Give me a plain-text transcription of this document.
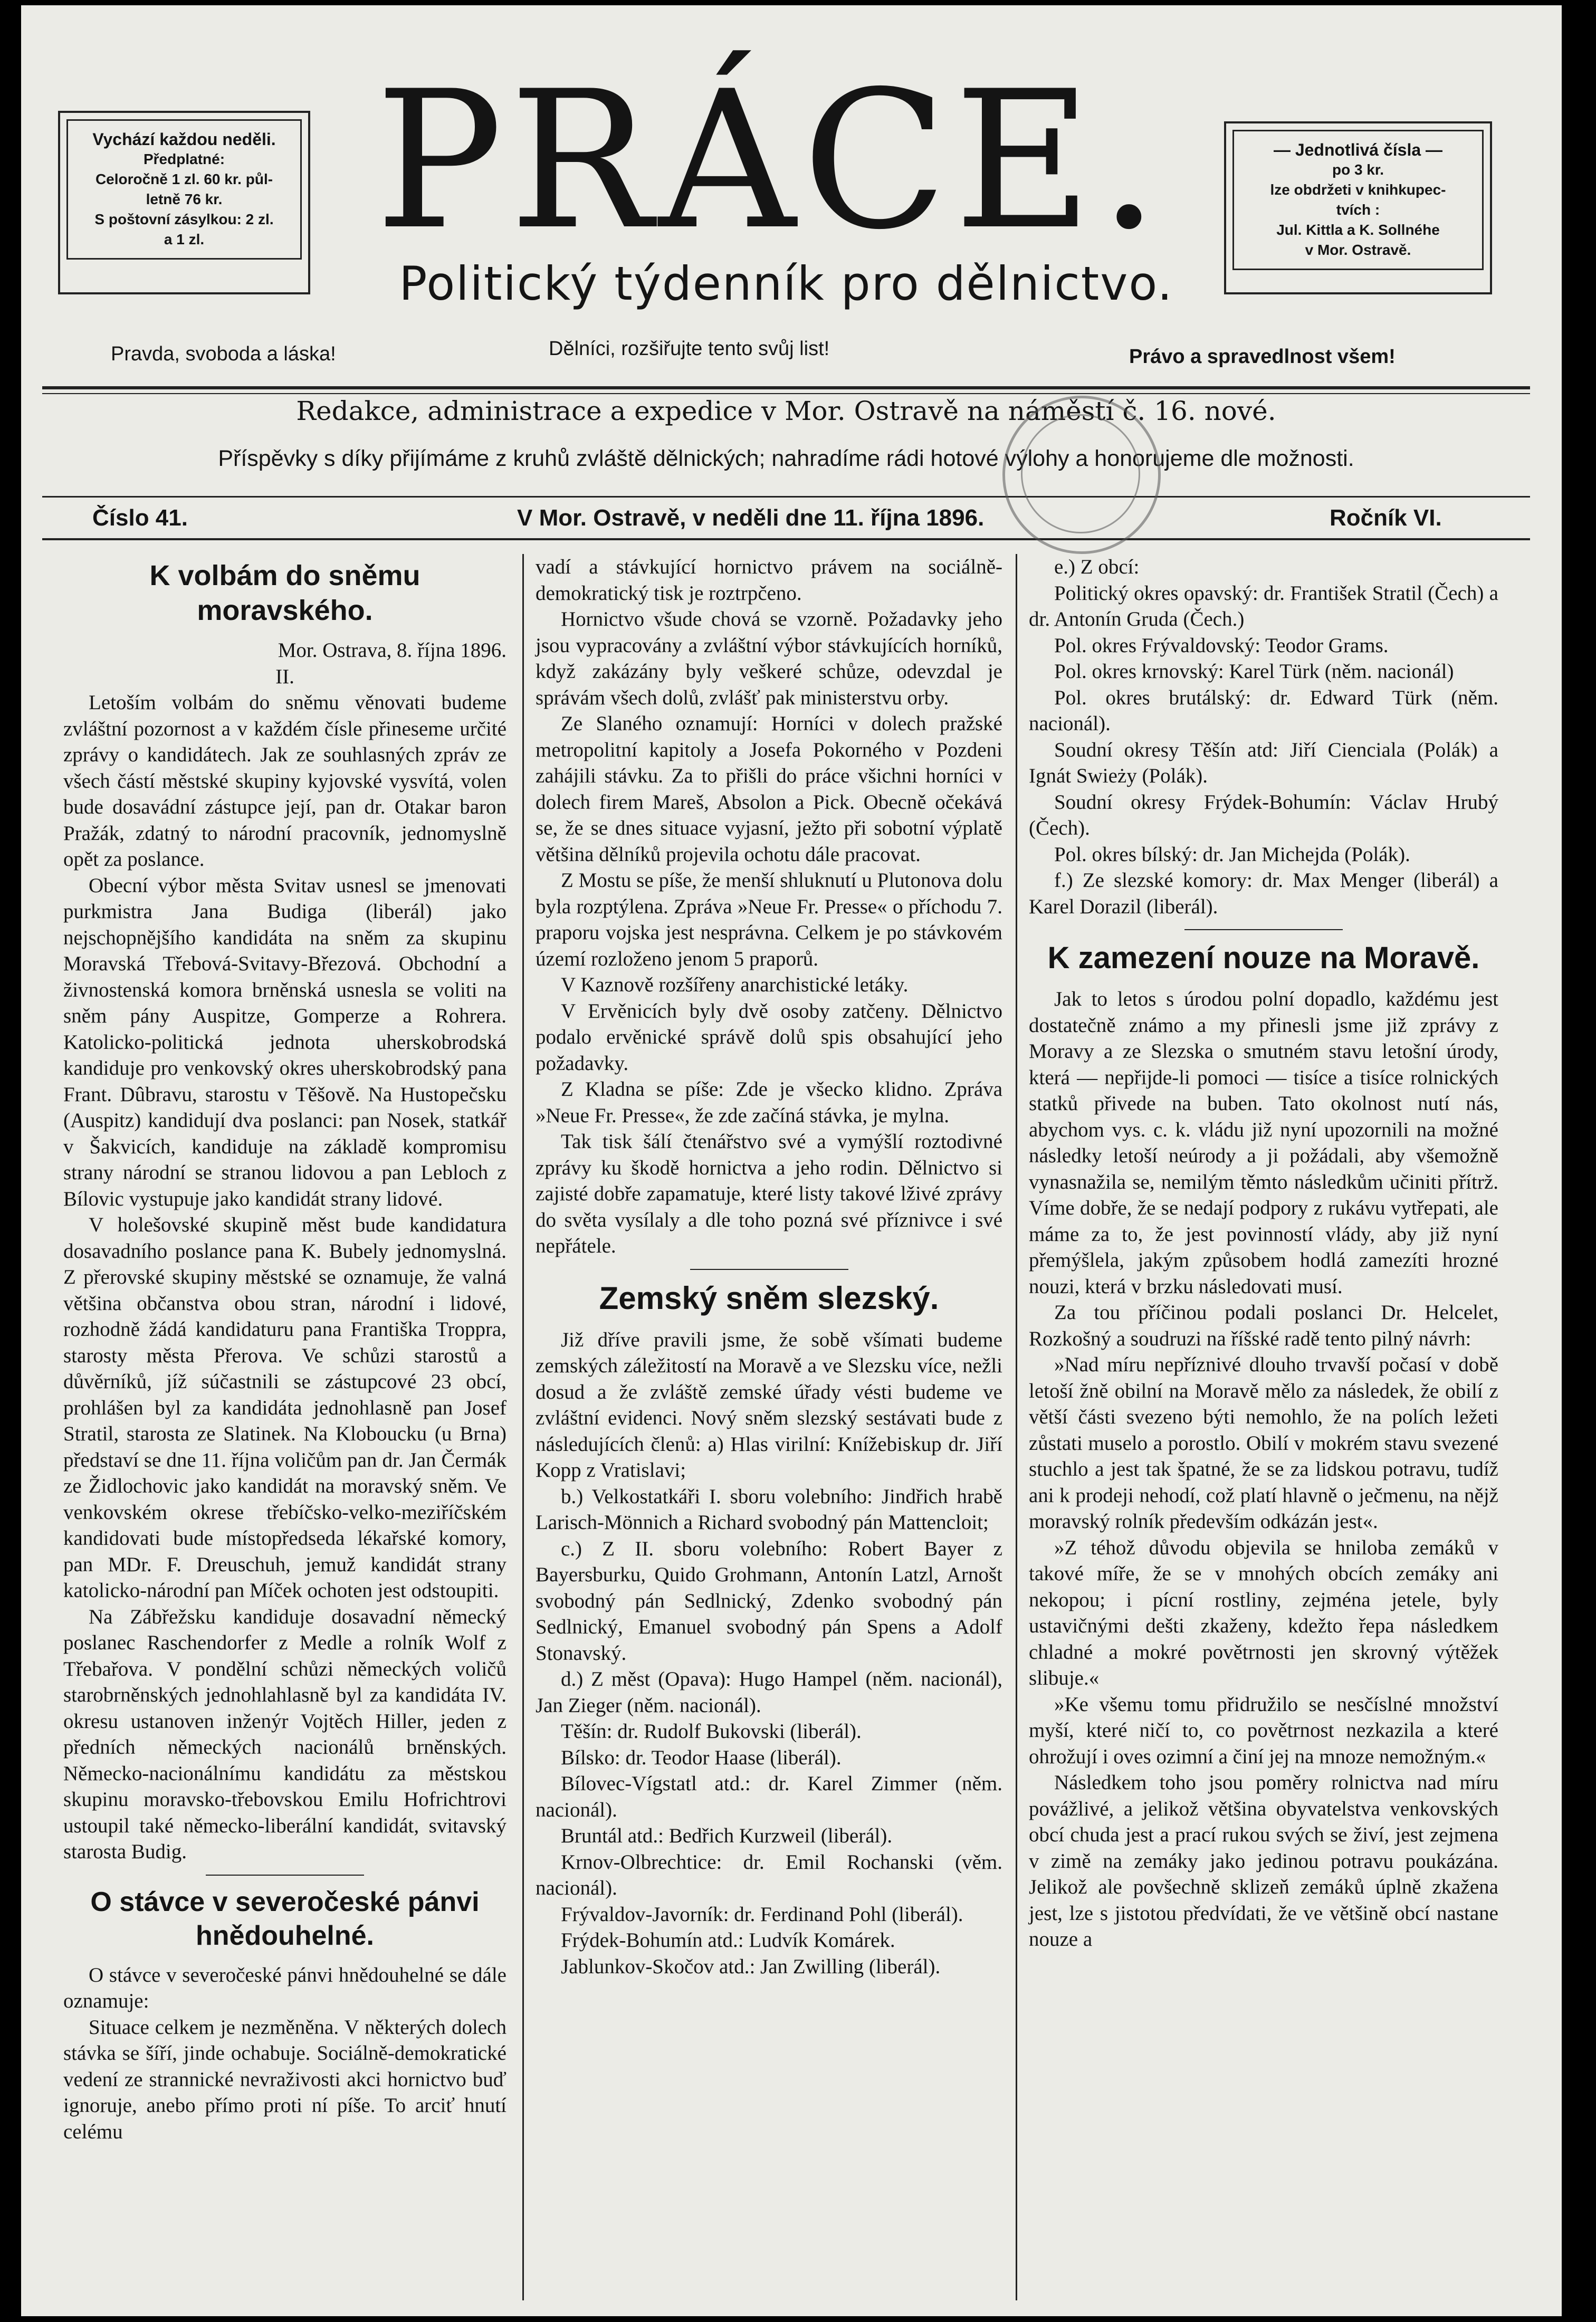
Vychází každou neděli.
Předplatné:
Celoročně 1 zl. 60 kr. půl-
letně 76 kr.
S poštovní zásylkou: 2 zl.
a 1 zl. PRÁCE.
Politický týdenník pro dělnictvo.
— Jednotlivá čísla —
po 3 kr.
lze obdržeti v knihkupec-
tvích :
Jul. Kittla a K. Sollnéhe
v Mor. Ostravě.
Pravda, svoboda a láska!	Dělníci, rozšiřujte tento svůj list!	Právo a spravedlnost všem!
Redakce, administrace a expedice v Mor. Ostravě na náměstí č. 16. nové.
Příspěvky s díky přijímáme z kruhů zvláště dělnických; nahradíme rádi hotové výlohy a honorujeme dle možnosti.
Číslo 41.	V Mor. Ostravě, v neděli dne 11. října 1896.	Ročník VI.
K volbám do sněmu moravského.

Mor. Ostrava, 8. října 1896.

II.

Letoším volbám do sněmu věnovati budeme zvláštní pozornost a v každém čísle přineseme určité zprávy o kandidátech. Jak ze souhlasných zpráv ze všech částí městské skupiny kyjovské vysvítá, volen bude dosavádní zástupce její, pan dr. Otakar baron Pražák, zdatný to národní pracovník, jednomyslně opět za poslance.

Obecní výbor města Svitav usnesl se jmenovati purkmistra Jana Budiga (liberál) jako nejschopnějšího kandidáta na sněm za skupinu Moravská Třebová-Svitavy-Březová. Obchodní a živnostenská komora brněnská usnesla se voliti na sněm pány Auspitze, Gomperze a Rohrera. Katolicko-politická jednota uherskobrodská kandiduje pro venkovský okres uherskobrodský pana Frant. Dûbravu, starostu v Těšově. Na Hustopečsku (Auspitz) kandidují dva poslanci: pan Nosek, statkář v Šakvicích, kandiduje na základě kompromisu strany národní se stranou lidovou a pan Lebloch z Bílovic vystupuje jako kandidát strany lidové.

V holešovské skupině měst bude kandidatura dosavadního poslance pana K. Bubely jednomyslná. Z přerovské skupiny městské se oznamuje, že valná většina občanstva obou stran, národní i lidové, rozhodně žádá kandidaturu pana Františka Troppra, starosty města Přerova. Ve schůzi starostů a důvěrníků, jíž súčastnili se zástupcové 23 obcí, prohlášen byl za kandidáta jednohlasně pan Josef Stratil, starosta ze Slatinek. Na Kloboucku (u Brna) představí se dne 11. října voličům pan dr. Jan Čermák ze Židlochovic jako kandidát na moravský sněm. Ve venkovském okrese třebíčsko-velko-meziříčském kandidovati bude místopředseda lékařské komory, pan MDr. F. Dreuschuh, jemuž kandidát strany katolicko-národní pan Míček ochoten jest odstoupiti.

Na Zábřežsku kandiduje dosavadní německý poslanec Raschendorfer z Medle a rolník Wolf z Třebařova. V pondělní schůzi německých voličů starobrněnských jednohlahlasně byl za kandidáta IV. okresu ustanoven inženýr Vojtěch Hiller, jeden z předních německých nacionálů brněnských. Německo-nacionálnímu kandidátu za městskou skupinu moravsko-třebovskou Emilu Hofrichtrovi ustoupil také německo-liberální kandidát, svitavský starosta Budig.

O stávce v severočeské pánvi hnědouhelné.

O stávce v severočeské pánvi hnědouhelné se dále oznamuje:

Situace celkem je nezměněna. V některých dolech stávka se šíří, jinde ochabuje. Sociálně-demokratické vedení ze strannické nevraživosti akci hornictvo buď ignoruje, anebo přímo proti ní píše. To arciť hnutí celému

vadí a stávkující hornictvo právem na sociálně-demokratický tisk je roztrpčeno.

Hornictvo všude chová se vzorně. Požadavky jeho jsou vypracovány a zvláštní výbor stávkujících horníků, když zakázány byly veškeré schůze, odevzdal je správám všech dolů, zvlášť pak ministerstvu orby.

Ze Slaného oznamují: Horníci v dolech pražské metropolitní kapitoly a Josefa Pokorného v Pozdeni zahájili stávku. Za to přišli do práce všichni horníci v dolech firem Mareš, Absolon a Pick. Obecně očekává se, že se dnes situace vyjasní, ježto při sobotní výplatě většina dělníků projevila ochotu dále pracovat.

Z Mostu se píše, že menší shluknutí u Plutonova dolu byla rozptýlena. Zpráva »Neue Fr. Presse« o příchodu 7. praporu vojska jest nesprávna. Celkem je po stávkovém území rozloženo jenom 5 praporů.

V Kaznově rozšířeny anarchistické letáky.

V Ervěnicích byly dvě osoby zatčeny. Dělnictvo podalo ervěnické správě dolů spis obsahující jeho požadavky.

Z Kladna se píše: Zde je všecko klidno. Zpráva »Neue Fr. Presse«, že zde začíná stávka, je mylna.

Tak tisk šálí čtenářstvo své a vymýšlí roztodivné zprávy ku škodě hornictva a jeho rodin. Dělnictvo si zajisté dobře zapamatuje, které listy takové lživé zprávy do světa vysílaly a dle toho pozná své příznivce i své nepřátele.

Zemský sněm slezský.

Již dříve pravili jsme, že sobě všímati budeme zemských záležitostí na Moravě a ve Slezsku více, nežli dosud a že zvláště zemské úřady vésti budeme ve zvláštní evidenci. Nový sněm slezský sestávati bude z následujících členů: a) Hlas virilní: Knížebiskup dr. Jiří Kopp z Vratislavi;

b.) Velkostatkáři I. sboru volebního: Jindřich hrabě Larisch-Mönnich a Richard svobodný pán Mattencloit;

c.) Z II. sboru volebního: Robert Bayer z Bayersburku, Quido Grohmann, Antonín Latzl, Arnošt svobodný pán Sedlnický, Zdenko svobodný pán Sedlnický, Emanuel svobodný pán Spens a Adolf Stonavský.

d.) Z měst (Opava): Hugo Hampel (něm. nacionál), Jan Zieger (něm. nacionál).

Těšín: dr. Rudolf Bukovski (liberál).

Bílsko: dr. Teodor Haase (liberál).

Bílovec-Vígstatl atd.: dr. Karel Zimmer (něm. nacionál).

Bruntál atd.: Bedřich Kurzweil (liberál).

Krnov-Olbrechtice: dr. Emil Rochanski (věm. nacionál).

Frývaldov-Javorník: dr. Ferdinand Pohl (liberál).

Frýdek-Bohumín atd.: Ludvík Komárek.

Jablunkov-Skočov atd.: Jan Zwilling (liberál).

e.) Z obcí:

Politický okres opavský: dr. František Stratil (Čech) a dr. Antonín Gruda (Čech.)

Pol. okres Frývaldovský: Teodor Grams.

Pol. okres krnovský: Karel Türk (něm. nacionál)

Pol. okres brutálský: dr. Edward Türk (něm. nacionál).

Soudní okresy Těšín atd: Jiří Cienciala (Polák) a Ignát Swieży (Polák).

Soudní okresy Frýdek-Bohumín: Václav Hrubý (Čech).

Pol. okres bílský: dr. Jan Michejda (Polák).

f.) Ze slezské komory: dr. Max Menger (liberál) a Karel Dorazil (liberál).

K zamezení nouze na Moravě.

Jak to letos s úrodou polní dopadlo, každému jest dostatečně známo a my přinesli jsme již zprávy z Moravy a ze Slezska o smutném stavu letošní úrody, která — nepřijde-li pomoci — tisíce a tisíce rolnických statků přivede na buben. Tato okolnost nutí nás, abychom vys. c. k. vládu již nyní upozornili na možné následky letoší neúrody a ji požádali, aby všemožně vynasnažila se, nemilým těmto následkům učiniti přítrž. Víme dobře, že se nedají podpory z rukávu vytřepati, ale máme za to, že jest povinností vlády, aby již nyní přemýšlela, jakým způsobem hodlá zamezíti hrozné nouzi, která v brzku následovati musí.

Za tou příčinou podali poslanci Dr. Helcelet, Rozkošný a soudruzi na říšské radě tento pilný návrh:

»Nad míru nepříznivé dlouho trvavší počasí v době letoší žně obilní na Moravě mělo za následek, že obilí z větší části svezeno býti nemohlo, že na polích ležeti zůstati muselo a porostlo. Obilí v mokrém stavu svezené stuchlo a jest tak špatné, že se za lidskou potravu, tudíž ani k prodeji nehodí, což platí hlavně o ječmenu, na nějž moravský rolník především odkázán jest«.

»Z téhož důvodu objevila se hniloba zemáků v takové míře, že se v mnohých obcích zemáky ani nekopou; i pícní rostliny, zejména jetele, byly ustavičnými dešti zkaženy, kdežto řepa následkem chladné a mokré povětrnosti jen skrovný výtěžek slibuje.«

»Ke všemu tomu přidružilo se nesčíslné množství myší, které ničí to, co povětrnost nezkazila a které ohrožují i oves ozimní a činí jej na mnoze nemožným.«

Následkem toho jsou poměry rolnictva nad míru povážlivé, a jelikož většina obyvatelstva venkovských obcí chuda jest a prací rukou svých se živí, jest zejmena v zimě na zemáky jako jedinou potravu poukázána. Jelikož ale povšechně sklizeň zemáků úplně zkažena jest, lze s jistotou předvídati, že ve většině obcí nastane nouze a
